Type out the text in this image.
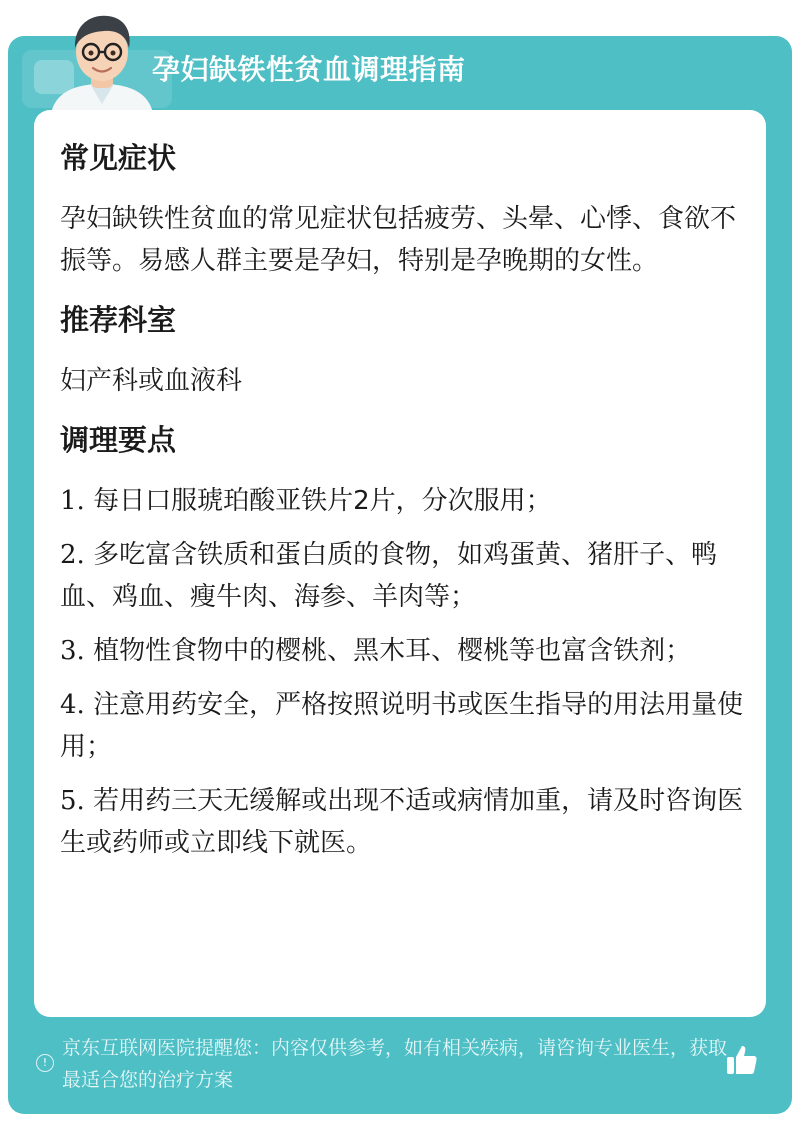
孕妇缺铁性贫血调理指南
常见症状

孕妇缺铁性贫血的常见症状包括疲劳、头晕、心悸、食欲不振等。易感人群主要是孕妇，特别是孕晚期的女性。

推荐科室

妇产科或血液科

调理要点

1. 每日口服琥珀酸亚铁片2片，分次服用；

2. 多吃富含铁质和蛋白质的食物，如鸡蛋黄、猪肝子、鸭血、鸡血、瘦牛肉、海参、羊肉等；

3. 植物性食物中的樱桃、黑木耳、樱桃等也富含铁剂；

4. 注意用药安全，严格按照说明书或医生指导的用法用量使用；

5. 若用药三天无缓解或出现不适或病情加重，请及时咨询医生或药师或立即线下就医。

!
京东互联网医院提醒您：内容仅供参考，如有相关疾病，请咨询专业医生，获取最适合您的治疗方案
